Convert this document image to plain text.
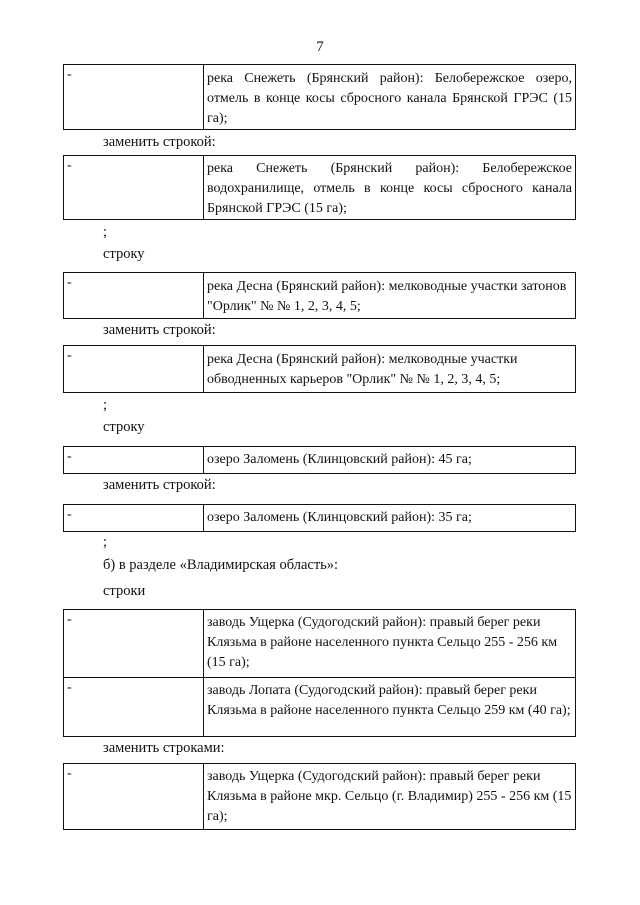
7
-	река Снежеть (Брянский район): Белобережское озеро, отмель в конце косы сбросного канала Брянской ГРЭС (15 га);
заменить строкой:
-	река Снежеть (Брянский район): Белобережское водохранилище, отмель в конце косы сбросного канала Брянской ГРЭС (15 га);
;
строку
-	река Десна (Брянский район): мелководные участки затонов "Орлик" № № 1, 2, 3, 4, 5;
заменить строкой:
-	река Десна (Брянский район): мелководные участки обводненных карьеров "Орлик" № № 1, 2, 3, 4, 5;
;
строку
-	озеро Заломень (Клинцовский район): 45 га;
заменить строкой:
-	озеро Заломень (Клинцовский район): 35 га;
;
б) в разделе «Владимирская область»:
строки
-	заводь Ущерка (Судогодский район): правый берег реки Клязьма в районе населенного пункта Сельцо 255 - 256 км (15 га);
-	заводь Лопата (Судогодский район): правый берег реки Клязьма в районе населенного пункта Сельцо 259 км (40 га);
заменить строками:
-	заводь Ущерка (Судогодский район): правый берег реки Клязьма в районе мкр. Сельцо (г. Владимир) 255 - 256 км (15 га);
